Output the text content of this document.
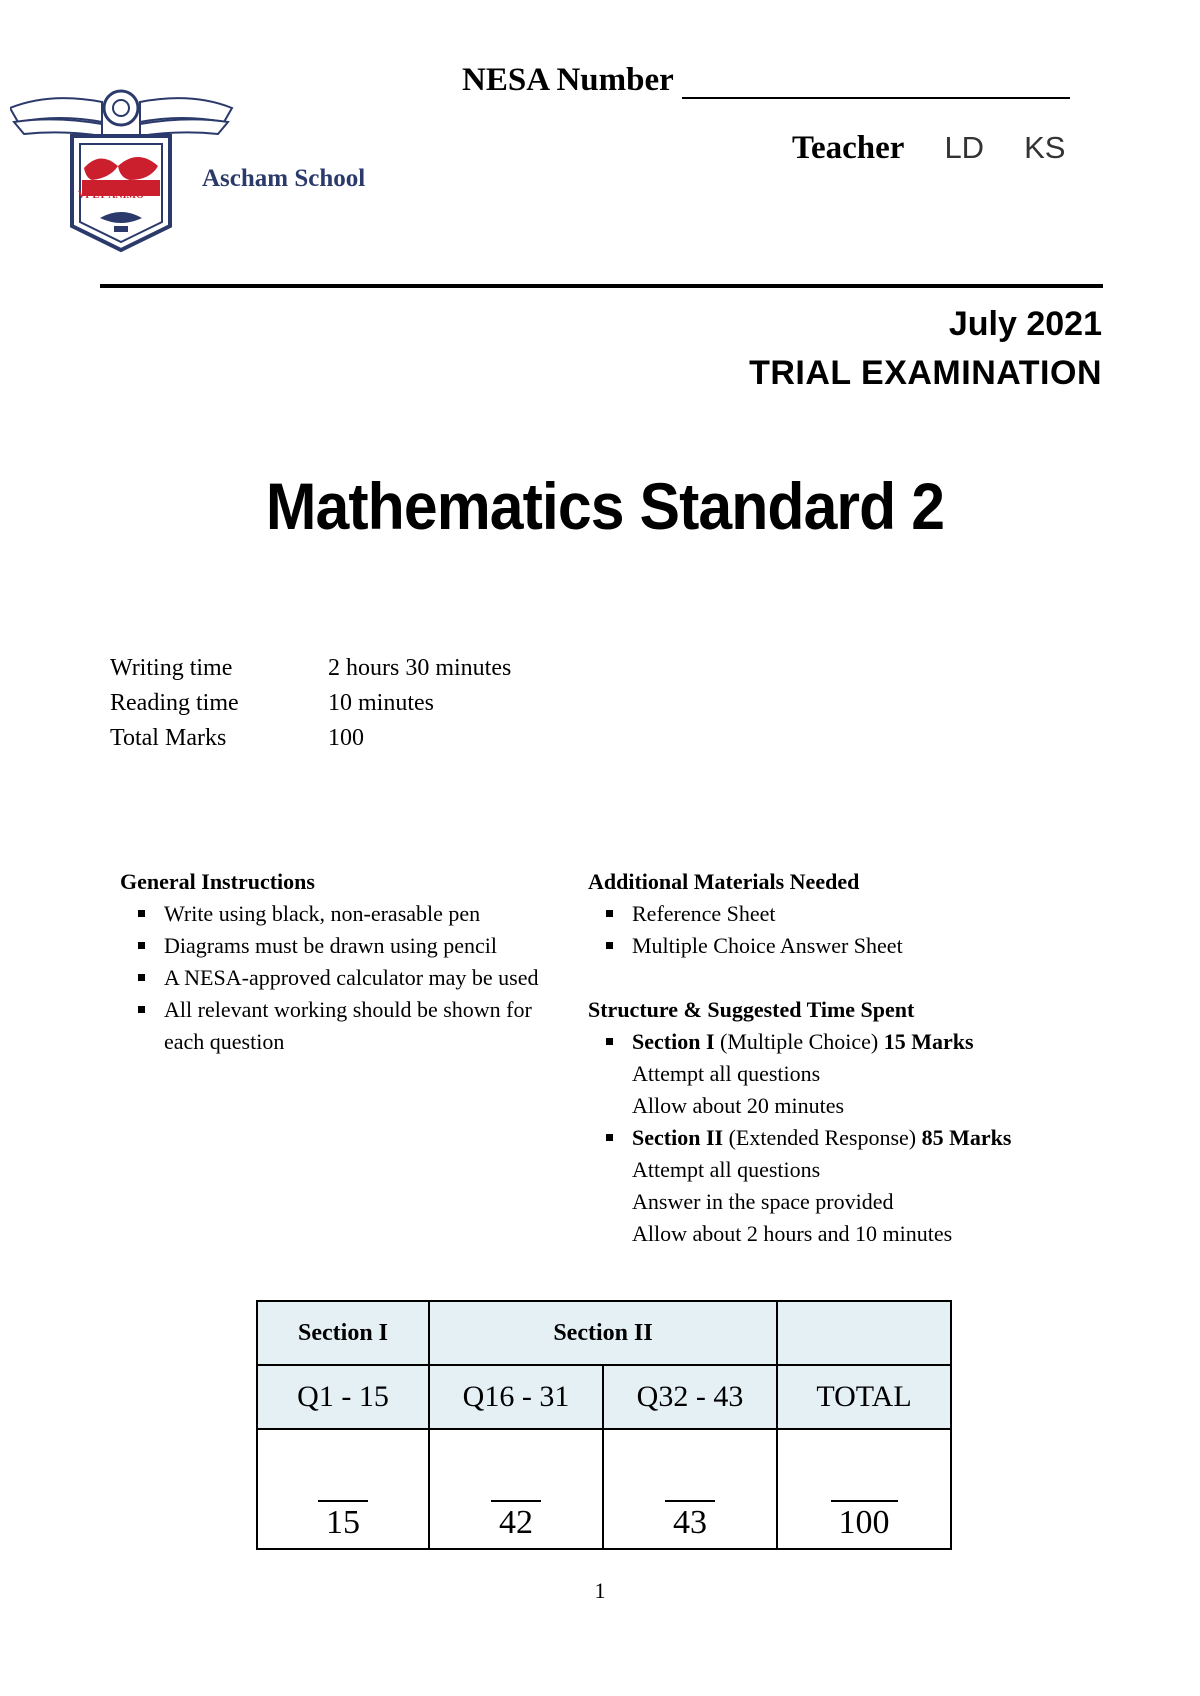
VI-ET-ANIMO
Ascham School
NESA Number
Teacher LD KS
July 2021
TRIAL EXAMINATION
Mathematics Standard 2
Writing time	2 hours 30 minutes
Reading time	10 minutes
Total Marks	100
General Instructions
Write using black, non-erasable pen
Diagrams must be drawn using pencil
A NESA-approved calculator may be used
All relevant working should be shown for each question
Additional Materials Needed
Reference Sheet
Multiple Choice Answer Sheet
Structure & Suggested Time Spent
Section I (Multiple Choice) 15 Marks
Attempt all questions
Allow about 20 minutes
Section II (Extended Response) 85 Marks
Attempt all questions
Answer in the space provided
Allow about 2 hours and 10 minutes
Section I	Section II		
Q1 - 15	Q16 - 31	Q32 - 43	TOTAL
15	42	43	100
1
